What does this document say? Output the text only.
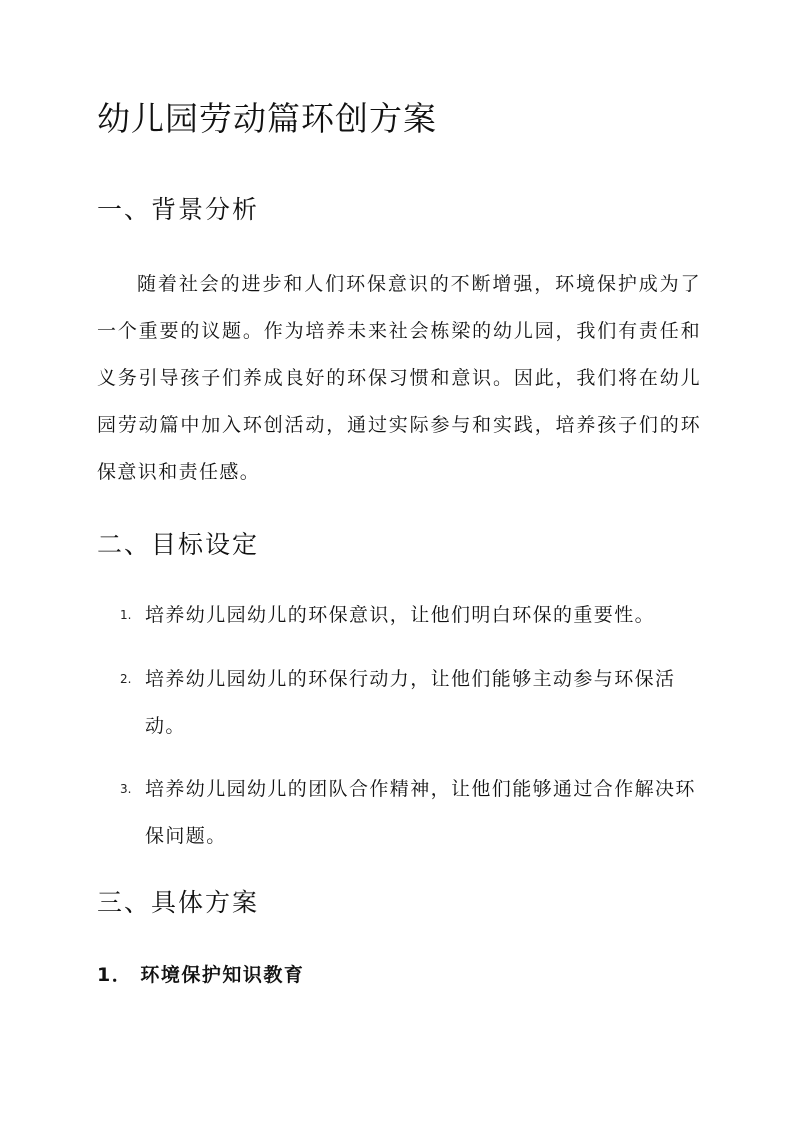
幼儿园劳动篇环创方案
一、背景分析

随着社会的进步和人们环保意识的不断增强，环境保护成为了一个重要的议题。作为培养未来社会栋梁的幼儿园，我们有责任和义务引导孩子们养成良好的环保习惯和意识。因此，我们将在幼儿园劳动篇中加入环创活动，通过实际参与和实践，培养孩子们的环保意识和责任感。

二、目标设定
1. 培养幼儿园幼儿的环保意识，让他们明白环保的重要性。
2. 培养幼儿园幼儿的环保行动力，让他们能够主动参与环保活动。
3. 培养幼儿园幼儿的团队合作精神，让他们能够通过合作解决环保问题。
三、具体方案
1． 环境保护知识教育
